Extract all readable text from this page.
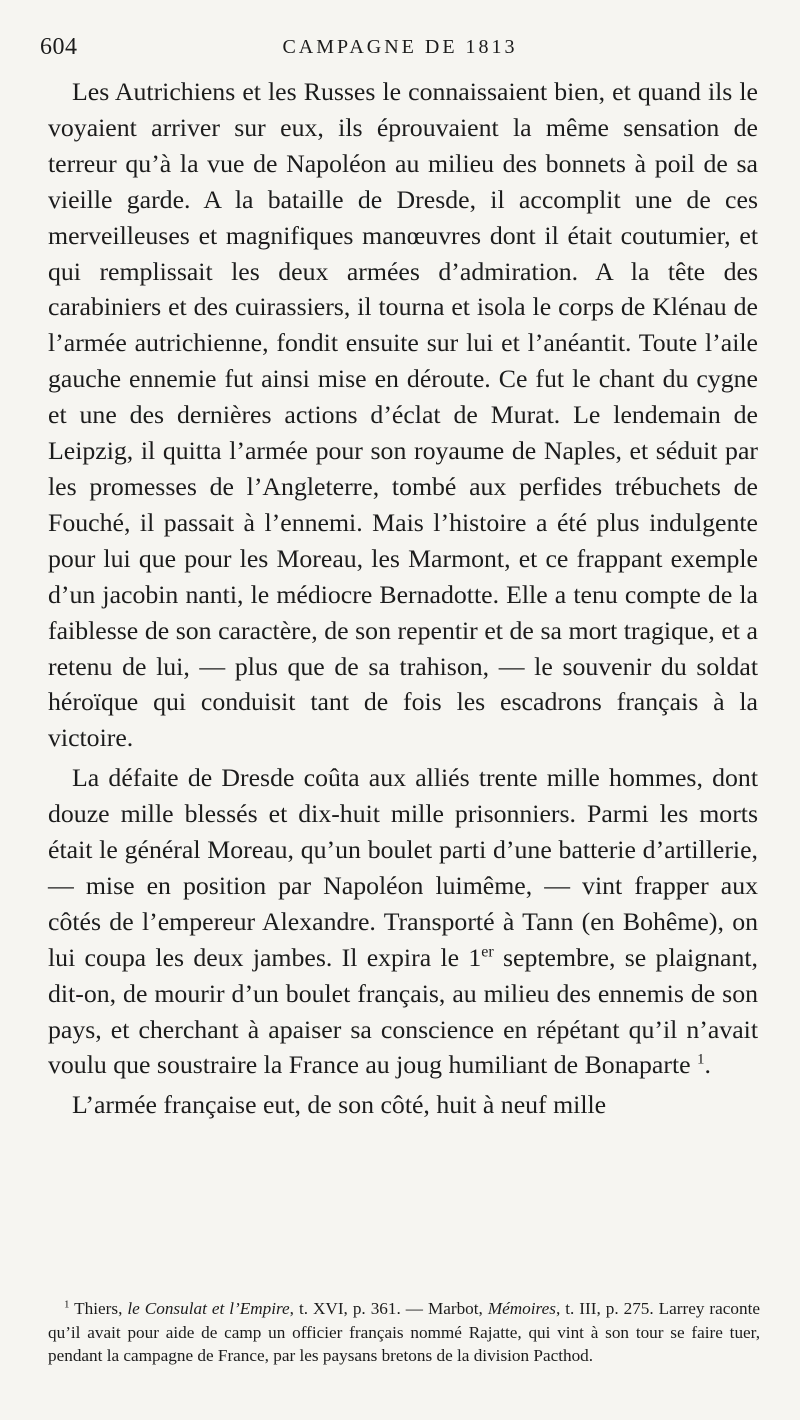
604	CAMPAGNE DE 1813

Les Autrichiens et les Russes le connaissaient bien, et quand ils le voyaient arriver sur eux, ils éprouvaient la même sensation de terreur qu’à la vue de Napoléon au milieu des bonnets à poil de sa vieille garde. A la bataille de Dresde, il accomplit une de ces merveilleuses et magnifiques manœuvres dont il était coutumier, et qui remplissait les deux armées d’admiration. A la tête des carabiniers et des cuirassiers, il tourna et isola le corps de Klénau de l’armée autrichienne, fondit ensuite sur lui et l’anéantit. Toute l’aile gauche ennemie fut ainsi mise en déroute. Ce fut le chant du cygne et une des dernières actions d’éclat de Murat. Le lendemain de Leipzig, il quitta l’armée pour son royaume de Naples, et séduit par les promesses de l’Angleterre, tombé aux perfides trébuchets de Fouché, il passait à l’ennemi. Mais l’histoire a été plus indulgente pour lui que pour les Moreau, les Marmont, et ce frappant exemple d’un jacobin nanti, le médiocre Bernadotte. Elle a tenu compte de la faiblesse de son caractère, de son repentir et de sa mort tragique, et a retenu de lui, — plus que de sa trahison, — le souvenir du soldat héroïque qui conduisit tant de fois les escadrons français à la victoire.

La défaite de Dresde coûta aux alliés trente mille hommes, dont douze mille blessés et dix-huit mille prisonniers. Parmi les morts était le général Moreau, qu’un boulet parti d’une batterie d’artillerie, — mise en position par Napoléon luimême, — vint frapper aux côtés de l’empereur Alexandre. Transporté à Tann (en Bohême), on lui coupa les deux jambes. Il expira le 1er septembre, se plaignant, dit-on, de mourir d’un boulet français, au milieu des ennemis de son pays, et cherchant à apaiser sa conscience en répétant qu’il n’avait voulu que soustraire la France au joug humiliant de Bonaparte $^1$.

L’armée française eut, de son côté, huit à neuf mille

$^1$ Thiers, le Consulat et l’Empire, t. XVI, p. 361. — Marbot, Mémoires, t. III, p. 275. Larrey raconte qu’il avait pour aide de camp un officier français nommé Rajatte, qui vint à son tour se faire tuer, pendant la campagne de France, par les paysans bretons de la division Pacthod.
